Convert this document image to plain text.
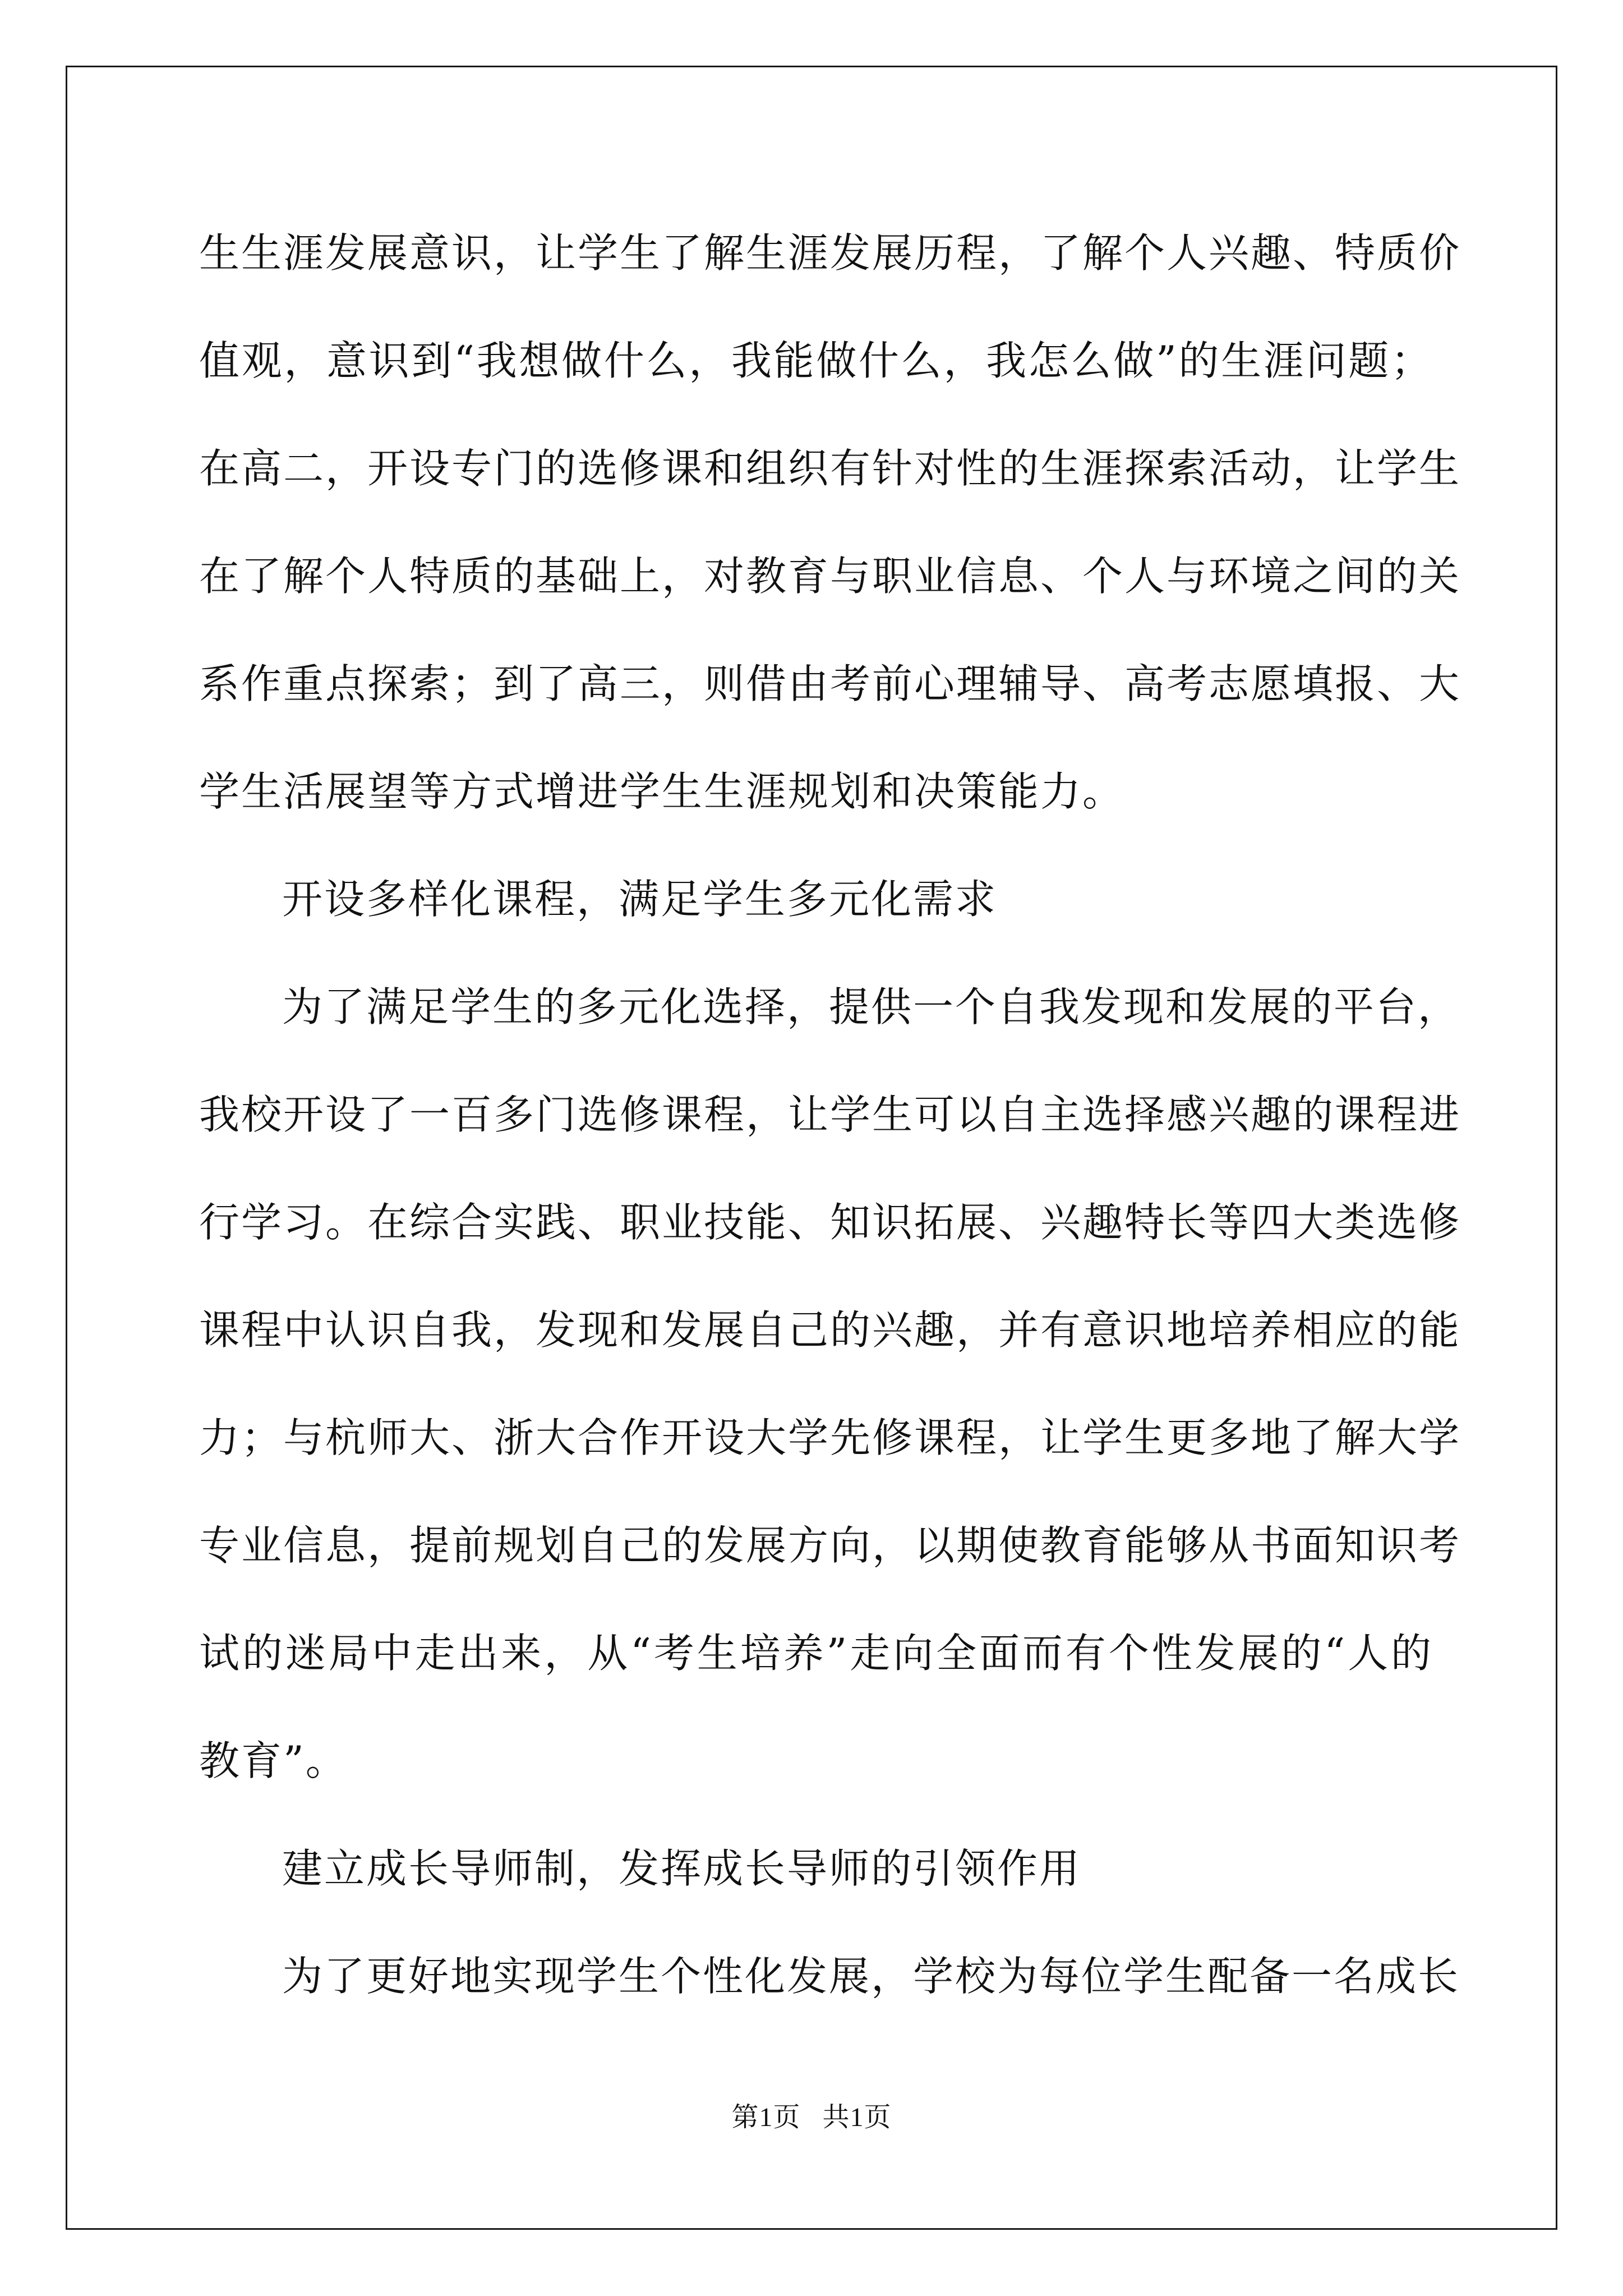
生生涯发展意识，让学生了解生涯发展历程，了解个人兴趣、特质价
值观，意识到“我想做什么，我能做什么，我怎么做”的生涯问题；
在高二，开设专门的选修课和组织有针对性的生涯探索活动，让学生
在了解个人特质的基础上，对教育与职业信息、个人与环境之间的关
系作重点探索；到了高三，则借由考前心理辅导、高考志愿填报、大
学生活展望等方式增进学生生涯规划和决策能力。
开设多样化课程，满足学生多元化需求
为了满足学生的多元化选择，提供一个自我发现和发展的平台，
我校开设了一百多门选修课程，让学生可以自主选择感兴趣的课程进
行学习。在综合实践、职业技能、知识拓展、兴趣特长等四大类选修
课程中认识自我，发现和发展自己的兴趣，并有意识地培养相应的能
力；与杭师大、浙大合作开设大学先修课程，让学生更多地了解大学
专业信息，提前规划自己的发展方向，以期使教育能够从书面知识考
试的迷局中走出来，从“考生培养”走向全面而有个性发展的“人的
教育”。
建立成长导师制，发挥成长导师的引领作用
为了更好地实现学生个性化发展，学校为每位学生配备一名成长
第1页 共1页
